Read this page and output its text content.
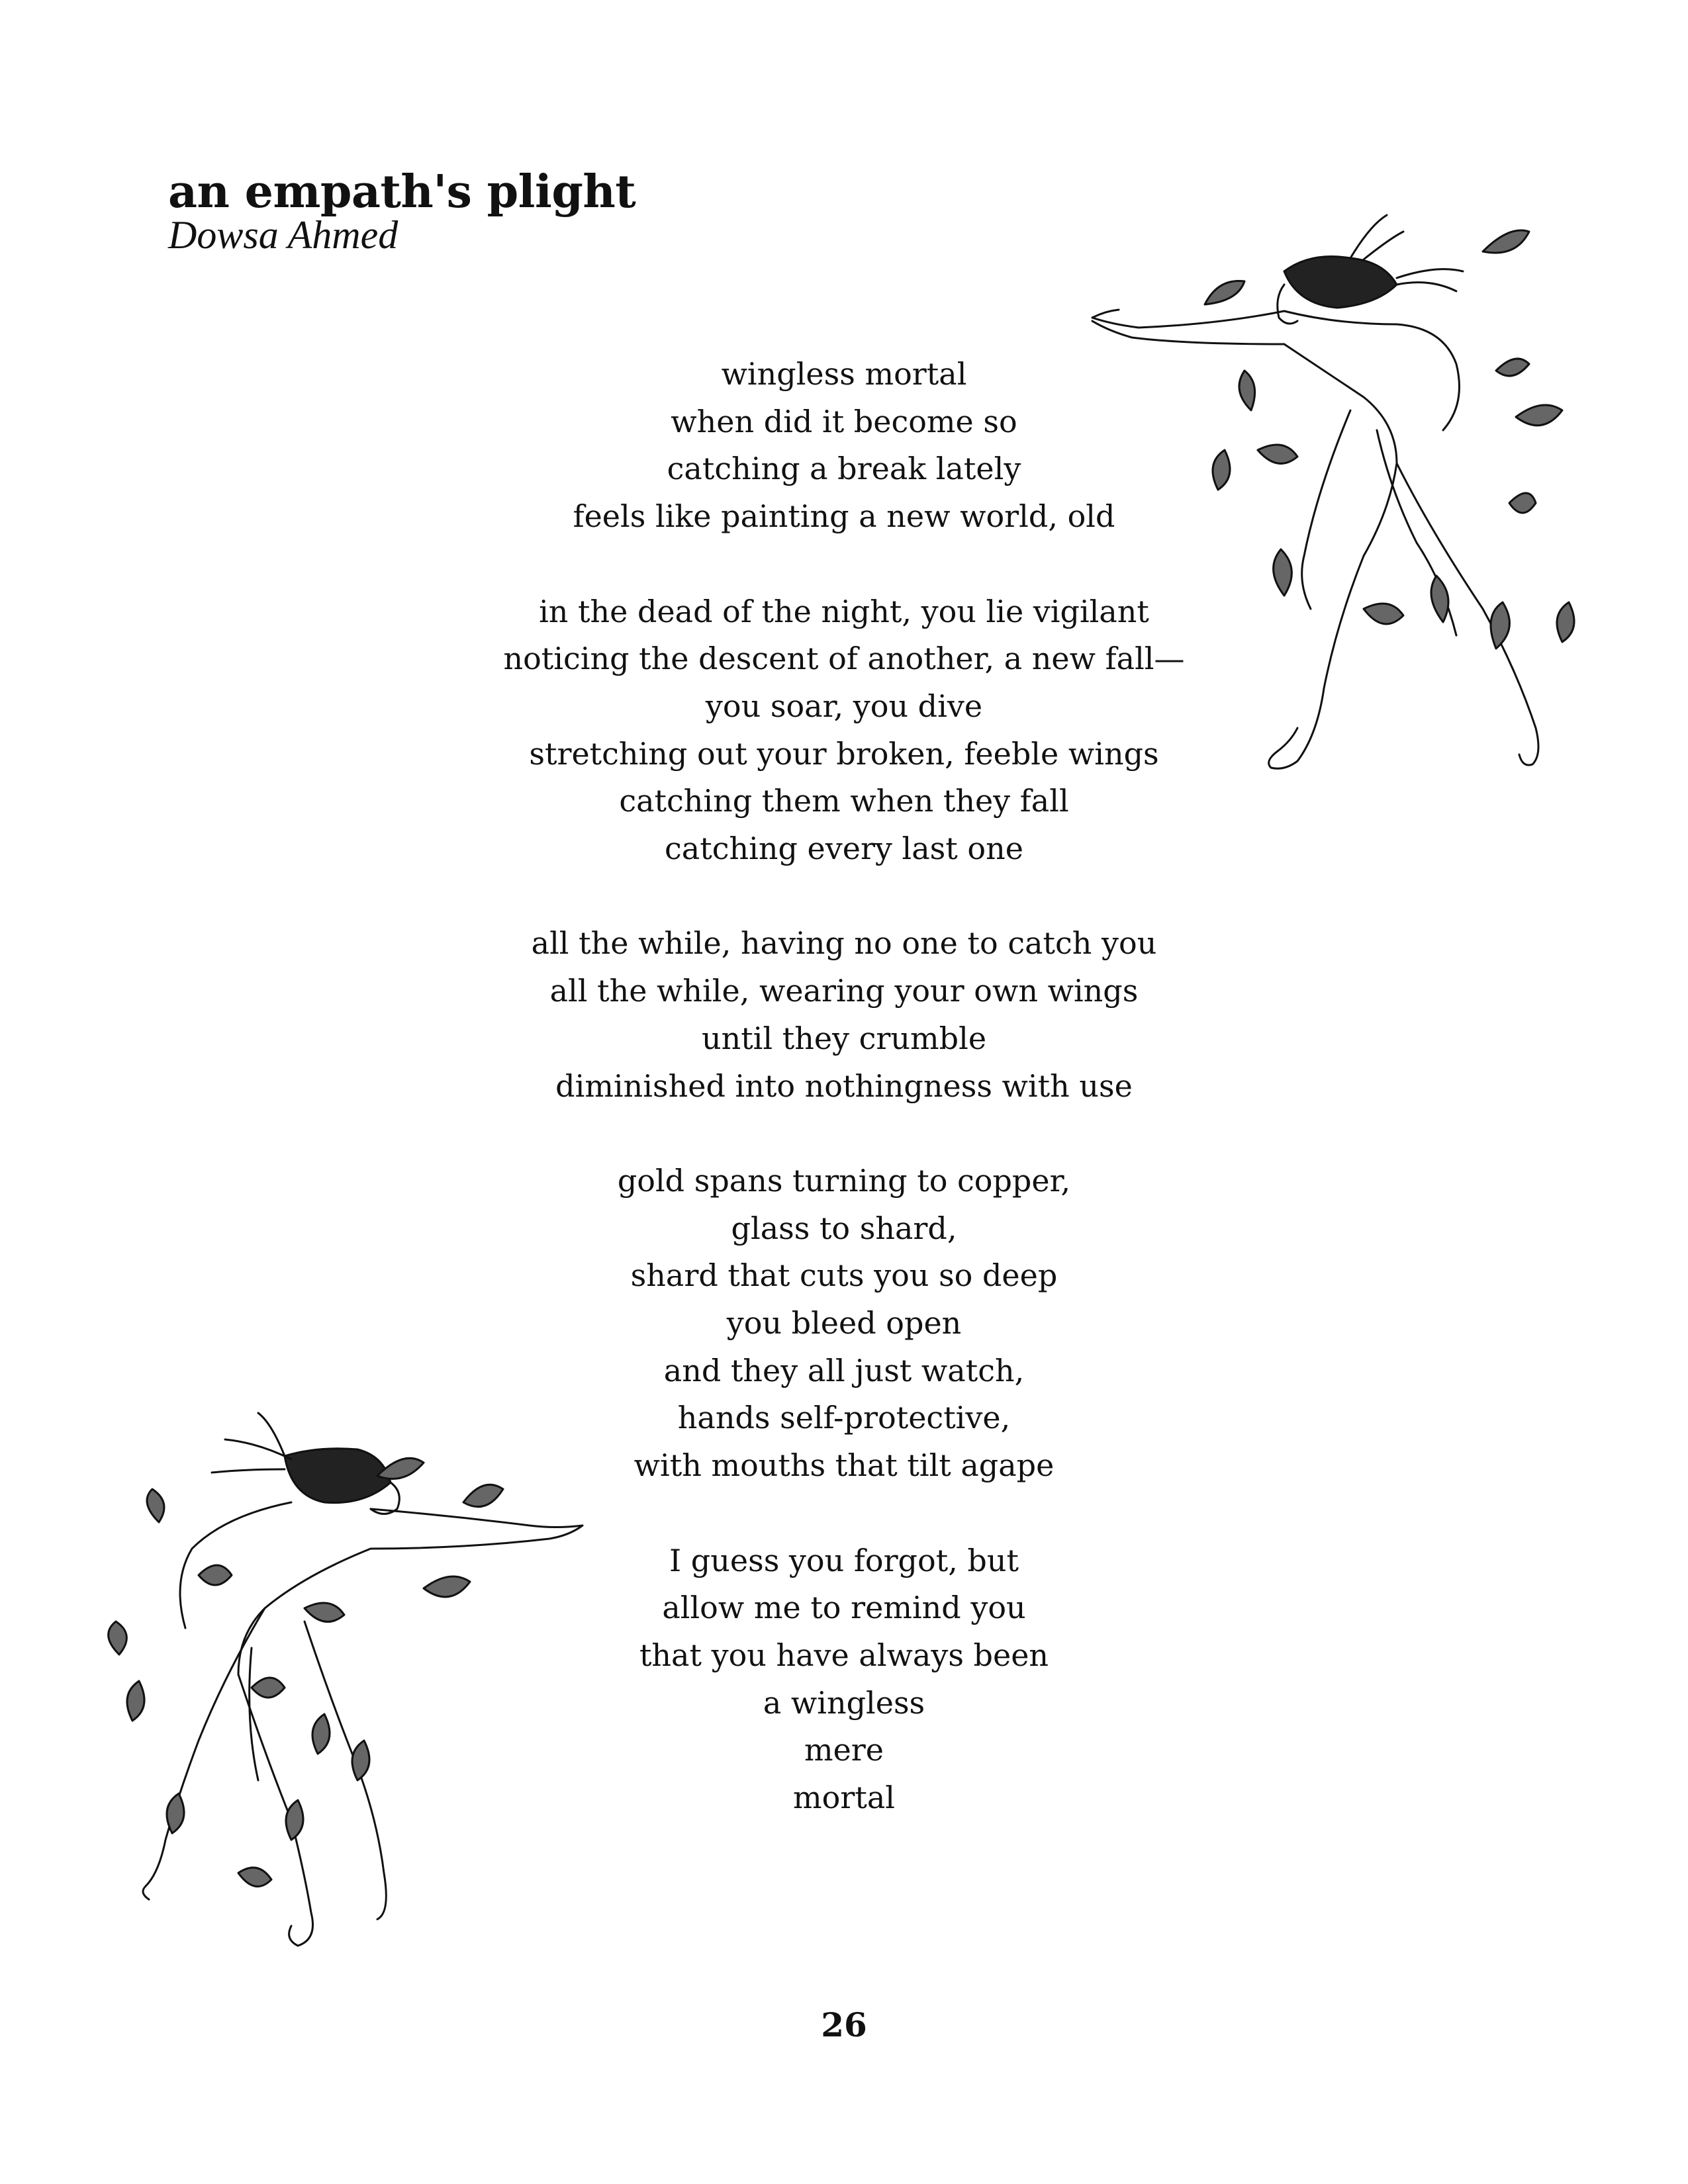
an empath's plight

Dowsa Ahmed

wingless mortal
when did it become so
catching a break lately
feels like painting a new world, old
in the dead of the night, you lie vigilant
noticing the descent of another, a new fall—
you soar, you dive
stretching out your broken, feeble wings
catching them when they fall
catching every last one
all the while, having no one to catch you
all the while, wearing your own wings
until they crumble
diminished into nothingness with use
gold spans turning to copper,
glass to shard,
shard that cuts you so deep
you bleed open
and they all just watch,
hands self-protective,
with mouths that tilt agape
I guess you forgot, but
allow me to remind you
that you have always been
a wingless
mere
mortal
26
